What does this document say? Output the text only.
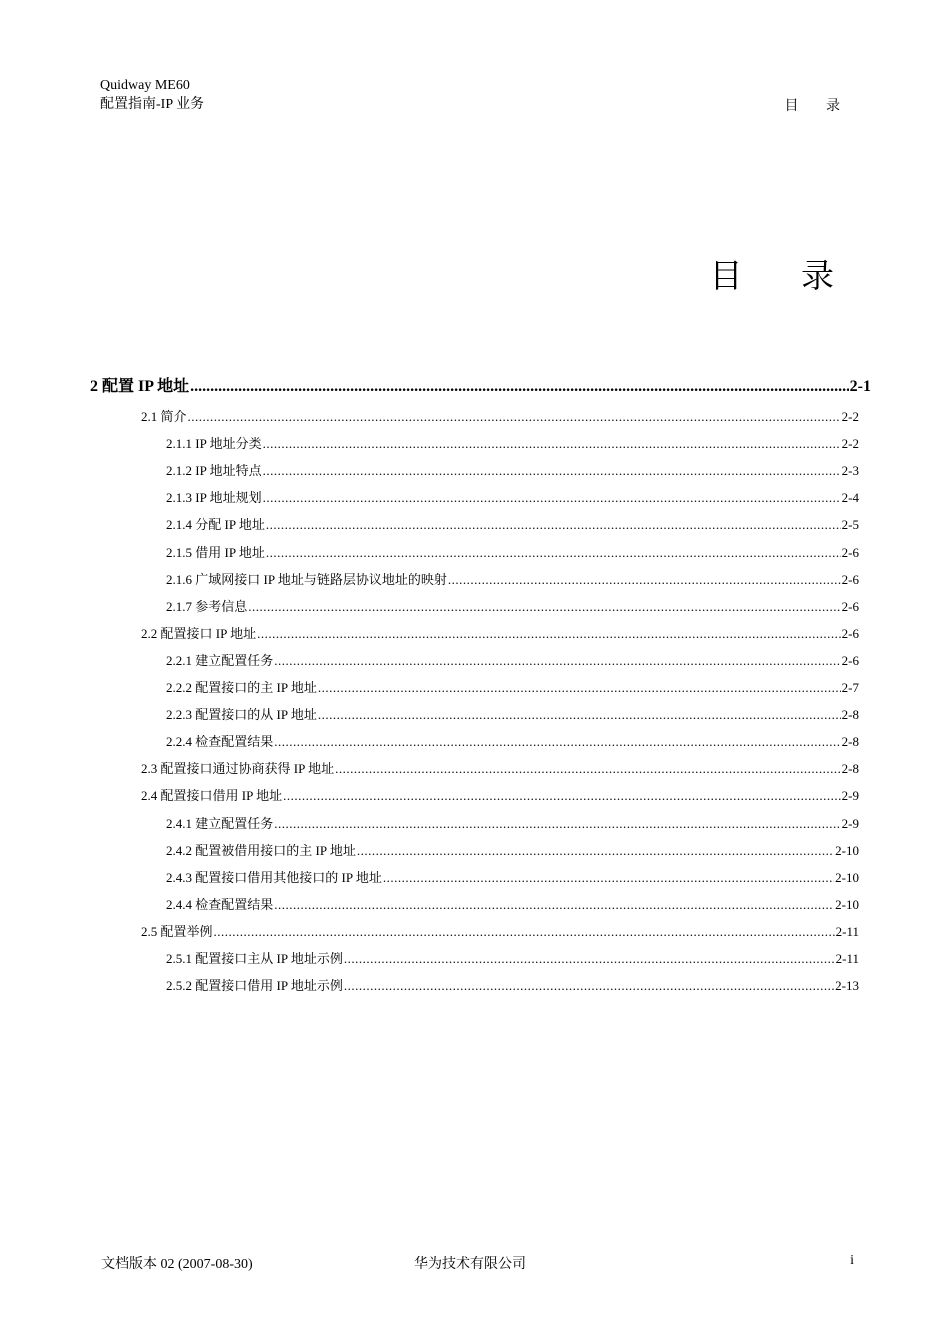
Quidway ME60
配置指南-IP 业务	目 录
目 录
2 配置 IP 地址 .....	2-1
2.1 简介 .....	2-2
2.1.1 IP 地址分类 .....	2-2
2.1.2 IP 地址特点 .....	2-3
2.1.3 IP 地址规划 .....	2-4
2.1.4 分配 IP 地址 .....	2-5
2.1.5 借用 IP 地址 .....	2-6
2.1.6 广域网接口 IP 地址与链路层协议地址的映射 .....	2-6
2.1.7 参考信息 .....	2-6
2.2 配置接口 IP 地址 .....	2-6
2.2.1 建立配置任务 .....	2-6
2.2.2 配置接口的主 IP 地址 .....	2-7
2.2.3 配置接口的从 IP 地址 .....	2-8
2.2.4 检查配置结果 .....	2-8
2.3 配置接口通过协商获得 IP 地址 .....	2-8
2.4 配置接口借用 IP 地址 .....	2-9
2.4.1 建立配置任务 .....	2-9
2.4.2 配置被借用接口的主 IP 地址 .....	2-10
2.4.3 配置接口借用其他接口的 IP 地址 .....	2-10
2.4.4 检查配置结果 .....	2-10
2.5 配置举例 .....	2-11
2.5.1 配置接口主从 IP 地址示例 .....	2-11
2.5.2 配置接口借用 IP 地址示例 .....	2-13
文档版本 02 (2007-08-30)	华为技术有限公司	i
